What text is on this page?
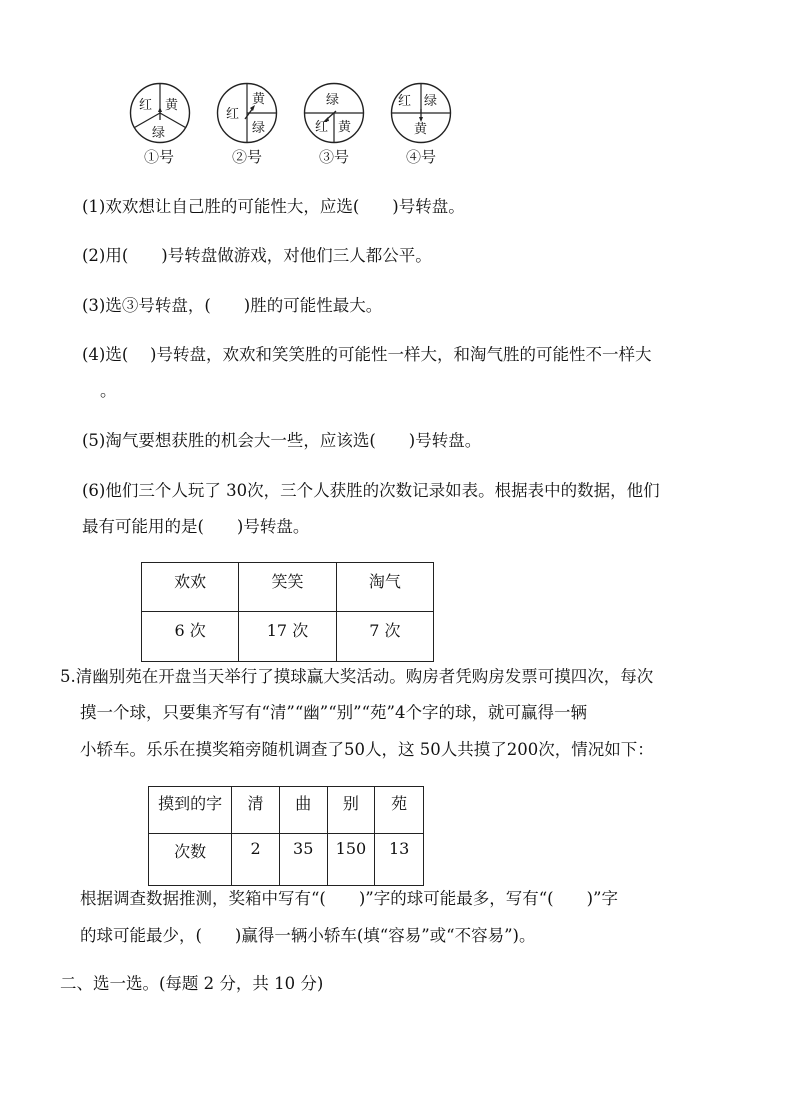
红 黄
绿
红
黄
绿
绿
红 黄
红 绿
黄
①号	②号	③号	④号
(1)欢欢想让自己胜的可能性大，应选(　　)号转盘。
(2)用(　　)号转盘做游戏，对他们三人都公平。
(3)选③号转盘，(　　)胜的可能性最大。
(4)选(　 )号转盘，欢欢和笑笑胜的可能性一样大，和淘气胜的可能性不一样大
。
(5)淘气要想获胜的机会大一些，应该选(　　)号转盘。
(6)他们三个人玩了 30次，三个人获胜的次数记录如表。根据表中的数据，他们
最有可能用的是(　　)号转盘。
欢欢	笑笑	淘气
6 次	17 次	7 次
5.清幽别苑在开盘当天举行了摸球赢大奖活动。购房者凭购房发票可摸四次，每次
摸一个球，只要集齐写有“清”“幽”“别”“苑”4个字的球，就可赢得一辆
小轿车。乐乐在摸奖箱旁随机调查了50人，这 50人共摸了200次，情况如下：
摸到的字	清	曲	别	苑
次数	2	35	150	13
根据调查数据推测，奖箱中写有“(　　)”字的球可能最多，写有“(　　)”字
的球可能最少，(　　)赢得一辆小轿车(填“容易”或“不容易”)。
二、选一选。(每题 2 分，共 10 分)
